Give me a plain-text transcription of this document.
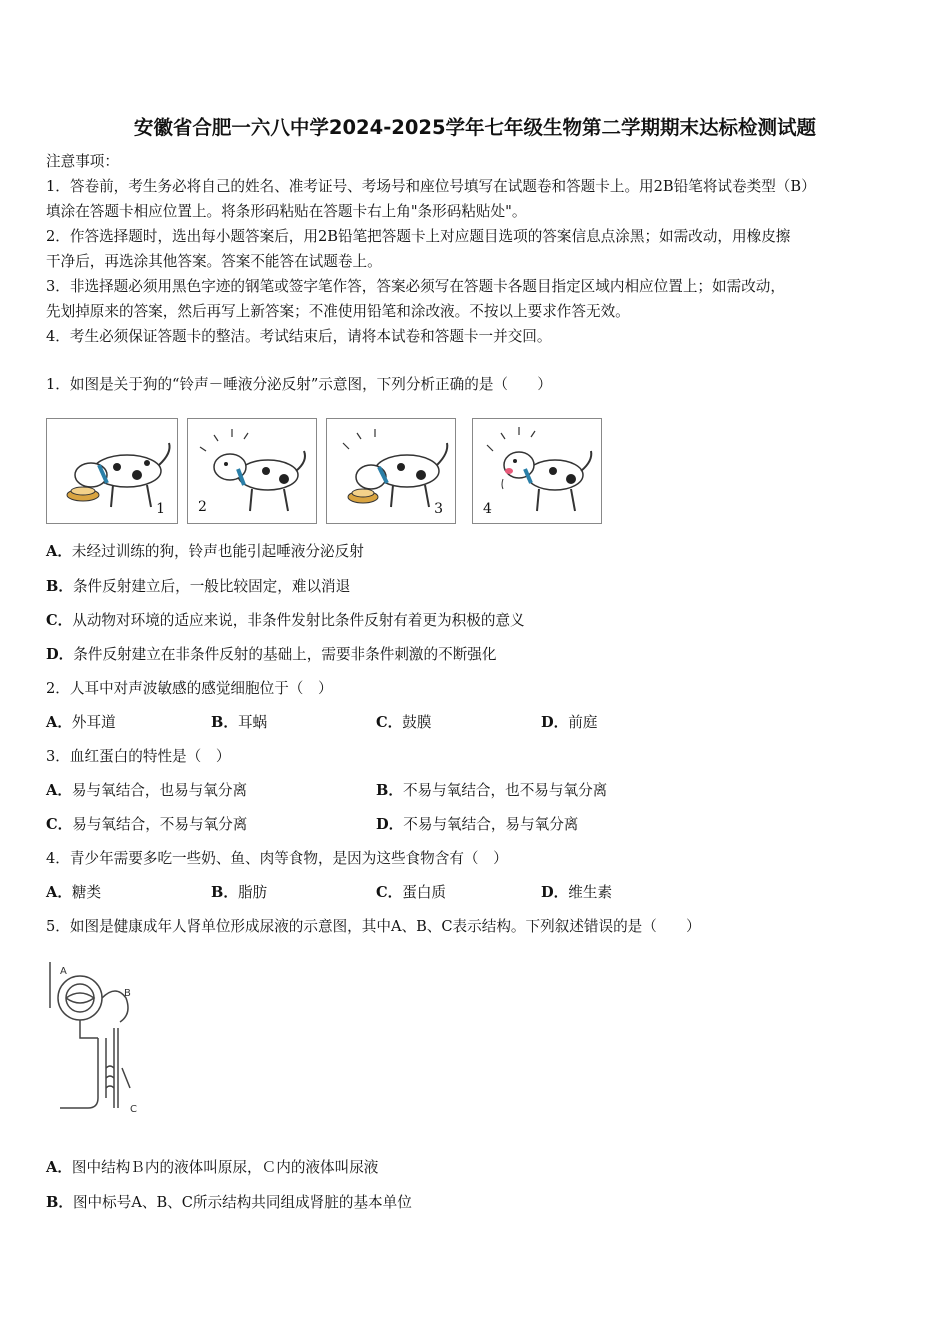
安徽省合肥一六八中学2024-2025学年七年级生物第二学期期末达标检测试题
注意事项：
1．答卷前，考生务必将自己的姓名、准考证号、考场号和座位号填写在试题卷和答题卡上。用2B铅笔将试卷类型（B）
填涂在答题卡相应位置上。将条形码粘贴在答题卡右上角"条形码粘贴处"。
2．作答选择题时，选出每小题答案后，用2B铅笔把答题卡上对应题目选项的答案信息点涂黑；如需改动，用橡皮擦
干净后，再选涂其他答案。答案不能答在试题卷上。
3．非选择题必须用黑色字迹的钢笔或签字笔作答，答案必须写在答题卡各题目指定区域内相应位置上；如需改动，
先划掉原来的答案，然后再写上新答案；不准使用铅笔和涂改液。不按以上要求作答无效。
4．考生必须保证答题卡的整洁。考试结束后，请将本试卷和答题卡一并交回。
1．如图是关于狗的“铃声－唾液分泌反射”示意图，下列分析正确的是（　　）
1 2	3	4
A．未经过训练的狗，铃声也能引起唾液分泌反射
B．条件反射建立后，一般比较固定，难以消退
C．从动物对环境的适应来说，非条件发射比条件反射有着更为积极的意义
D．条件反射建立在非条件反射的基础上，需要非条件刺激的不断强化
2．人耳中对声波敏感的感觉细胞位于（　）
A．外耳道	B．耳蜗	C．鼓膜	D．前庭
3．血红蛋白的特性是（　）
A．易与氧结合，也易与氧分离	B．不易与氧结合，也不易与氧分离
C．易与氧结合，不易与氧分离	D．不易与氧结合，易与氧分离
4．青少年需要多吃一些奶、鱼、肉等食物，是因为这些食物含有（　）
A．糖类	B．脂肪	C．蛋白质	D．维生素
5．如图是健康成年人肾单位形成尿液的示意图，其中A、B、C表示结构。下列叙述错误的是（　　）
A
B
C
A．图中结构Ｂ内的液体叫原尿，Ｃ内的液体叫尿液
B．图中标号A、B、C所示结构共同组成肾脏的基本单位
